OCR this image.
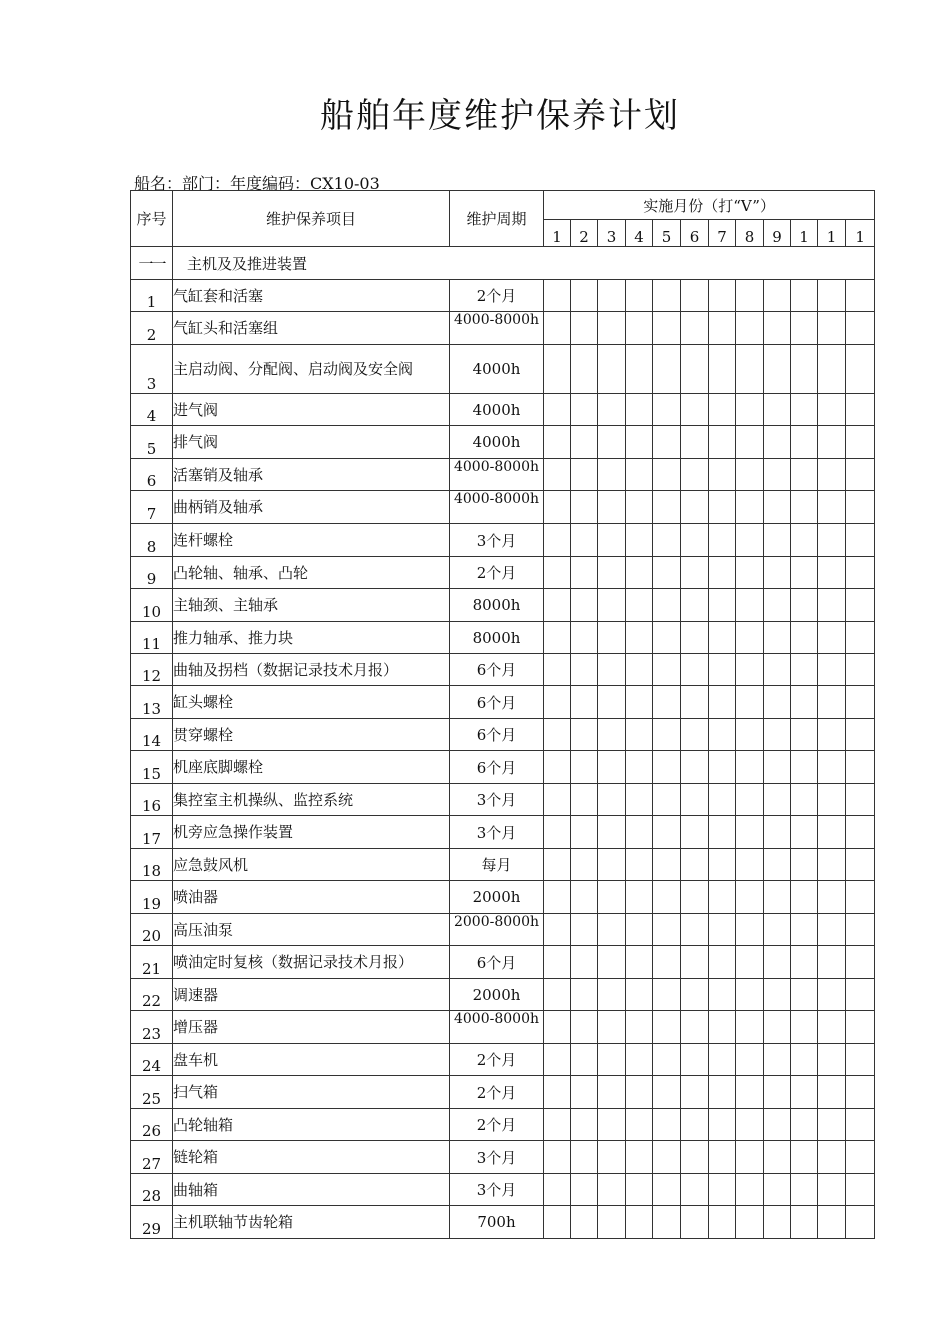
船舶年度维护保养计划
船名：部门：年度编码：CX10-03
序号	维护保养项目	维护周期	实施月份（打“V”）											
			1	2	3	4	5	6	7	8	9	1	1	1
一一	主机及及推进装置													
1	气缸套和活塞	2个月												
2	气缸头和活塞组	4000-8000h												
3	主启动阀、分配阀、启动阀及安全阀	4000h												
4	进气阀	4000h												
5	排气阀	4000h												
6	活塞销及轴承	4000-8000h												
7	曲柄销及轴承	4000-8000h												
8	连杆螺栓	3个月												
9	凸轮轴、轴承、凸轮	2个月												
10	主轴颈、主轴承	8000h												
11	推力轴承、推力块	8000h												
12	曲轴及拐档（数据记录技术月报）	6个月												
13	缸头螺栓	6个月												
14	贯穿螺栓	6个月												
15	机座底脚螺栓	6个月												
16	集控室主机操纵、监控系统	3个月												
17	机旁应急操作装置	3个月												
18	应急鼓风机	每月												
19	喷油器	2000h												
20	高压油泵	2000-8000h												
21	喷油定时复核（数据记录技术月报）	6个月												
22	调速器	2000h												
23	增压器	4000-8000h												
24	盘车机	2个月												
25	扫气箱	2个月												
26	凸轮轴箱	2个月												
27	链轮箱	3个月												
28	曲轴箱	3个月												
29	主机联轴节齿轮箱	700h												
